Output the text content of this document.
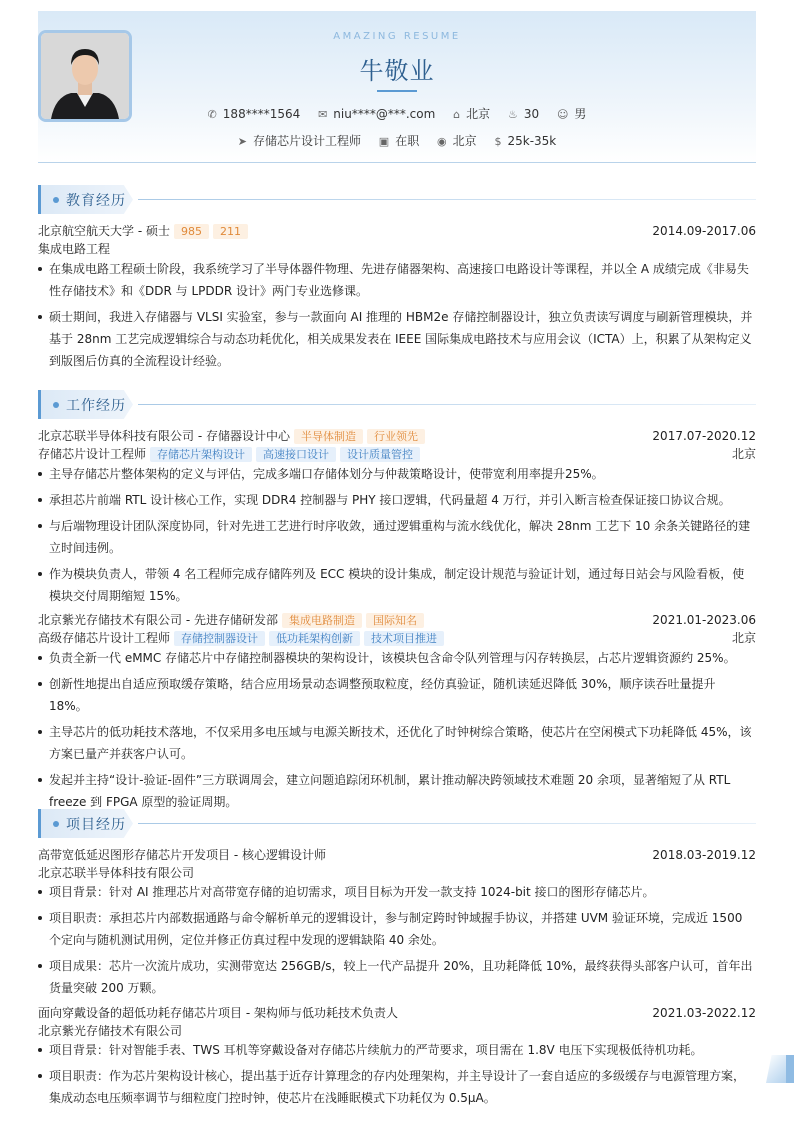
AMAZING RESUME
牛敬业
✆ 188****1564 ✉ niu****@***.com ⌂ 北京 ♨ 30 ☺ 男
➤ 存储芯片设计工程师 ▣ 在职 ◉ 北京 $ 25k-35k
教育经历
北京航空航天大学 - 硕士 985 211	2014.09-2017.06
集成电路工程
在集成电路工程硕士阶段，我系统学习了半导体器件物理、先进存储器架构、高速接口电路设计等课程，并以全 A 成绩完成《非易失性存储技术》和《DDR 与 LPDDR 设计》两门专业选修课。
硕士期间，我进入存储器与 VLSI 实验室，参与一款面向 AI 推理的 HBM2e 存储控制器设计，独立负责读写调度与刷新管理模块，并基于 28nm 工艺完成逻辑综合与动态功耗优化，相关成果发表在 IEEE 国际集成电路技术与应用会议（ICTA）上，积累了从架构定义到版图后仿真的全流程设计经验。
工作经历
北京芯联半导体科技有限公司 - 存储器设计中心 半导体制造 行业领先	2017.07-2020.12
存储芯片设计工程师 存储芯片架构设计 高速接口设计 设计质量管控	北京
主导存储芯片整体架构的定义与评估，完成多端口存储体划分与仲裁策略设计，使带宽利用率提升25%。
承担芯片前端 RTL 设计核心工作，实现 DDR4 控制器与 PHY 接口逻辑，代码量超 4 万行，并引入断言检查保证接口协议合规。
与后端物理设计团队深度协同，针对先进工艺进行时序收敛，通过逻辑重构与流水线优化，解决 28nm 工艺下 10 余条关键路径的建立时间违例。
作为模块负责人，带领 4 名工程师完成存储阵列及 ECC 模块的设计集成，制定设计规范与验证计划，通过每日站会与风险看板，使模块交付周期缩短 15%。
北京紫光存储技术有限公司 - 先进存储研发部 集成电路制造 国际知名	2021.01-2023.06
高级存储芯片设计工程师 存储控制器设计 低功耗架构创新 技术项目推进	北京
负责全新一代 eMMC 存储芯片中存储控制器模块的架构设计，该模块包含命令队列管理与闪存转换层，占芯片逻辑资源约 25%。
创新性地提出自适应预取缓存策略，结合应用场景动态调整预取粒度，经仿真验证，随机读延迟降低 30%，顺序读吞吐量提升 18%。
主导芯片的低功耗技术落地，不仅采用多电压域与电源关断技术，还优化了时钟树综合策略，使芯片在空闲模式下功耗降低 45%，该方案已量产并获客户认可。
发起并主持“设计-验证-固件”三方联调周会，建立问题追踪闭环机制，累计推动解决跨领域技术难题 20 余项，显著缩短了从 RTL freeze 到 FPGA 原型的验证周期。
项目经历
高带宽低延迟图形存储芯片开发项目 - 核心逻辑设计师	2018.03-2019.12
北京芯联半导体科技有限公司
项目背景：针对 AI 推理芯片对高带宽存储的迫切需求，项目目标为开发一款支持 1024-bit 接口的图形存储芯片。
项目职责：承担芯片内部数据通路与命令解析单元的逻辑设计，参与制定跨时钟域握手协议，并搭建 UVM 验证环境，完成近 1500 个定向与随机测试用例，定位并修正仿真过程中发现的逻辑缺陷 40 余处。
项目成果：芯片一次流片成功，实测带宽达 256GB/s，较上一代产品提升 20%，且功耗降低 10%，最终获得头部客户认可，首年出货量突破 200 万颗。
面向穿戴设备的超低功耗存储芯片项目 - 架构师与低功耗技术负责人	2021.03-2022.12
北京紫光存储技术有限公司
项目背景：针对智能手表、TWS 耳机等穿戴设备对存储芯片续航力的严苛要求，项目需在 1.8V 电压下实现极低待机功耗。
项目职责：作为芯片架构设计核心，提出基于近存计算理念的存内处理架构，并主导设计了一套自适应的多级缓存与电源管理方案，集成动态电压频率调节与细粒度门控时钟，使芯片在浅睡眠模式下功耗仅为 0.5μA。
